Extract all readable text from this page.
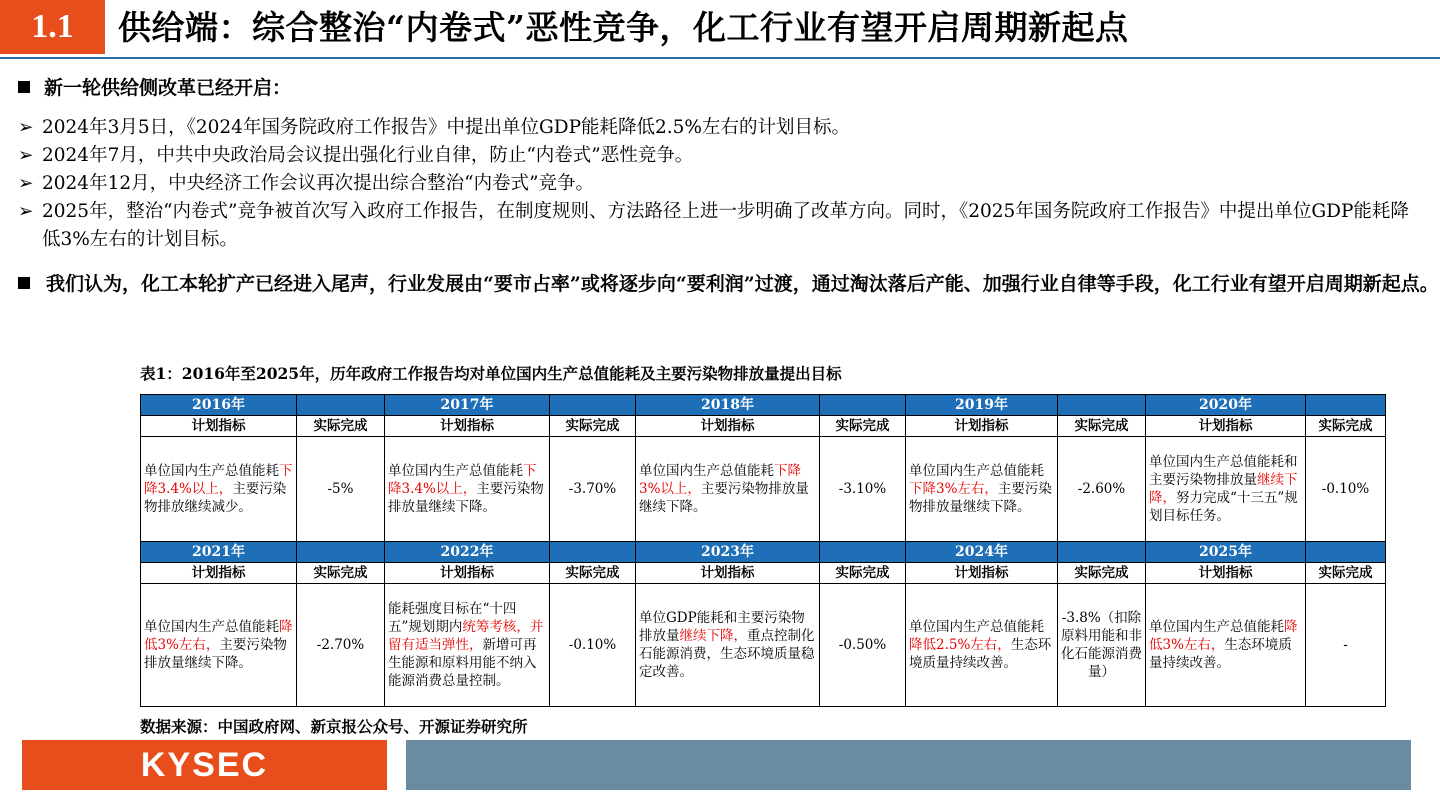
1.1	供给端：综合整治“内卷式”恶性竞争，化工行业有望开启周期新起点
新一轮供给侧改革已经开启：
➢ 2024年3月5日，《2024年国务院政府工作报告》中提出单位GDP能耗降低2.5%左右的计划目标。
➢ 2024年7月，中共中央政治局会议提出强化行业自律，防止“内卷式”恶性竞争。
➢ 2024年12月，中央经济工作会议再次提出综合整治“内卷式”竞争。
➢ 2025年，整治“内卷式”竞争被首次写入政府工作报告，在制度规则、方法路径上进一步明确了改革方向。同时，《2025年国务院政府工作报告》中提出单位GDP能耗降低3%左右的计划目标。
我们认为，化工本轮扩产已经进入尾声，行业发展由“要市占率”或将逐步向“要利润”过渡，通过淘汰落后产能、加强行业自律等手段，化工行业有望开启周期新起点。
表1：2016年至2025年，历年政府工作报告均对单位国内生产总值能耗及主要污染物排放量提出目标
2016年		2017年		2018年		2019年		2020年	
计划指标	实际完成	计划指标	实际完成	计划指标	实际完成	计划指标	实际完成	计划指标	实际完成
单位国内生产总值能耗下降3.4%以上，主要污染物排放继续减少。	-5%	单位国内生产总值能耗下降3.4%以上，主要污染物排放量继续下降。	-3.70%	单位国内生产总值能耗下降3%以上，主要污染物排放量继续下降。	-3.10%	单位国内生产总值能耗下降3%左右，主要污染物排放量继续下降。	-2.60%	单位国内生产总值能耗和主要污染物排放量继续下降，努力完成“十三五”规划目标任务。	-0.10%
2021年		2022年		2023年		2024年		2025年	
计划指标	实际完成	计划指标	实际完成	计划指标	实际完成	计划指标	实际完成	计划指标	实际完成
单位国内生产总值能耗降低3%左右，主要污染物排放量继续下降。	-2.70%	能耗强度目标在“十四五”规划期内统筹考核，并留有适当弹性，新增可再生能源和原料用能不纳入能源消费总量控制。	-0.10%	单位GDP能耗和主要污染物排放量继续下降，重点控制化石能源消费，生态环境质量稳定改善。	-0.50%	单位国内生产总值能耗降低2.5%左右，生态环境质量持续改善。	-3.8%（扣除原料用能和非化石能源消费量）	单位国内生产总值能耗降低3%左右，生态环境质量持续改善。	-
数据来源：中国政府网、新京报公众号、开源证券研究所
KYSEC
